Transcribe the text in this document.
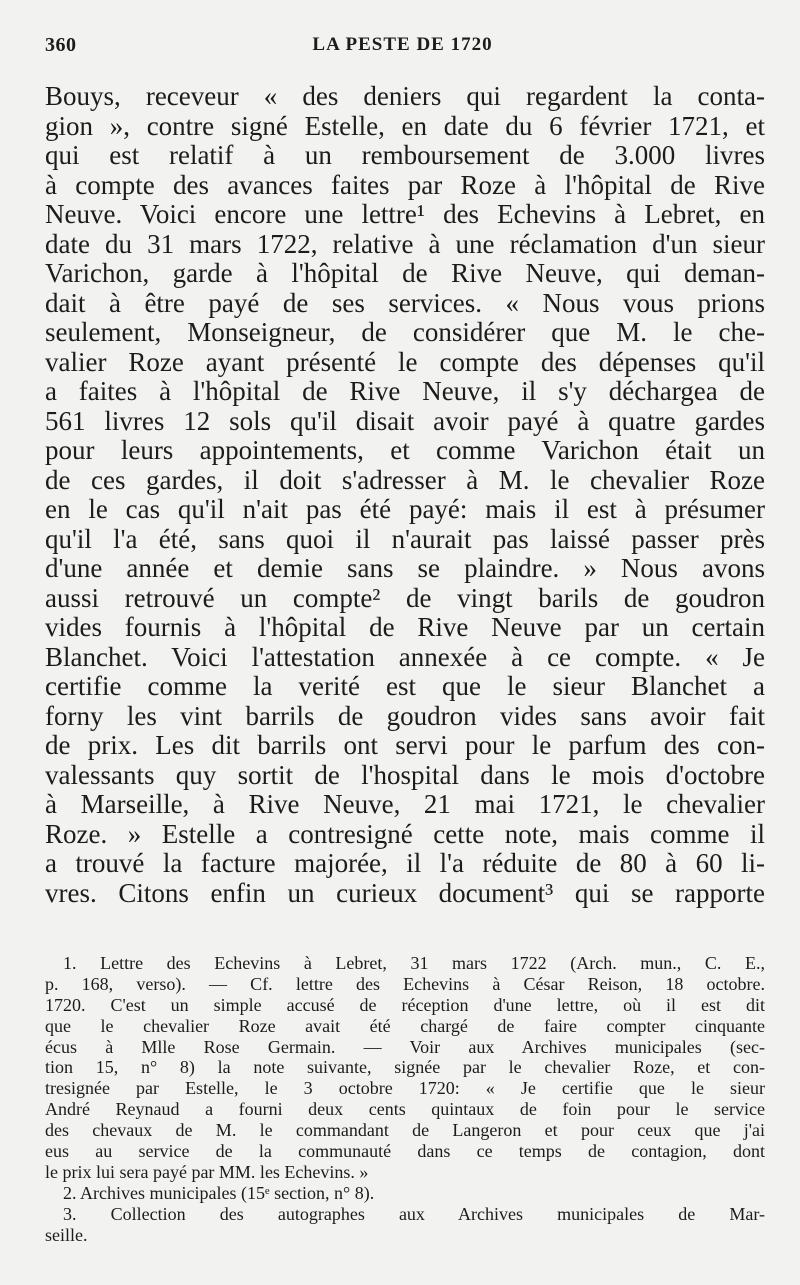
360	LA PESTE DE 1720
Bouys, receveur « des deniers qui regardent la conta-
gion », contre signé Estelle, en date du 6 février 1721, et
qui est relatif à un remboursement de 3.000 livres
à compte des avances faites par Roze à l'hôpital de Rive
Neuve. Voici encore une lettre¹ des Echevins à Lebret, en
date du 31 mars 1722, relative à une réclamation d'un sieur
Varichon, garde à l'hôpital de Rive Neuve, qui deman-
dait à être payé de ses services. « Nous vous prions
seulement, Monseigneur, de considérer que M. le che-
valier Roze ayant présenté le compte des dépenses qu'il
a faites à l'hôpital de Rive Neuve, il s'y déchargea de
561 livres 12 sols qu'il disait avoir payé à quatre gardes
pour leurs appointements, et comme Varichon était un
de ces gardes, il doit s'adresser à M. le chevalier Roze
en le cas qu'il n'ait pas été payé: mais il est à présumer
qu'il l'a été, sans quoi il n'aurait pas laissé passer près
d'une année et demie sans se plaindre. » Nous avons
aussi retrouvé un compte² de vingt barils de goudron
vides fournis à l'hôpital de Rive Neuve par un certain
Blanchet. Voici l'attestation annexée à ce compte. « Je
certifie comme la verité est que le sieur Blanchet a
forny les vint barrils de goudron vides sans avoir fait
de prix. Les dit barrils ont servi pour le parfum des con-
valessants quy sortit de l'hospital dans le mois d'octobre
à Marseille, à Rive Neuve, 21 mai 1721, le chevalier
Roze. » Estelle a contresigné cette note, mais comme il
a trouvé la facture majorée, il l'a réduite de 80 à 60 li-
vres. Citons enfin un curieux document³ qui se rapporte
1. Lettre des Echevins à Lebret, 31 mars 1722 (Arch. mun., C. E.,
p. 168, verso). — Cf. lettre des Echevins à César Reison, 18 octobre.
1720. C'est un simple accusé de réception d'une lettre, où il est dit
que le chevalier Roze avait été chargé de faire compter cinquante
écus à Mlle Rose Germain. — Voir aux Archives municipales (sec-
tion 15, n° 8) la note suivante, signée par le chevalier Roze, et con-
tresignée par Estelle, le 3 octobre 1720: « Je certifie que le sieur
André Reynaud a fourni deux cents quintaux de foin pour le service
des chevaux de M. le commandant de Langeron et pour ceux que j'ai
eus au service de la communauté dans ce temps de contagion, dont
le prix lui sera payé par MM. les Echevins. »
2. Archives municipales (15ᵉ section, n° 8).
3. Collection des autographes aux Archives municipales de Mar-
seille.
